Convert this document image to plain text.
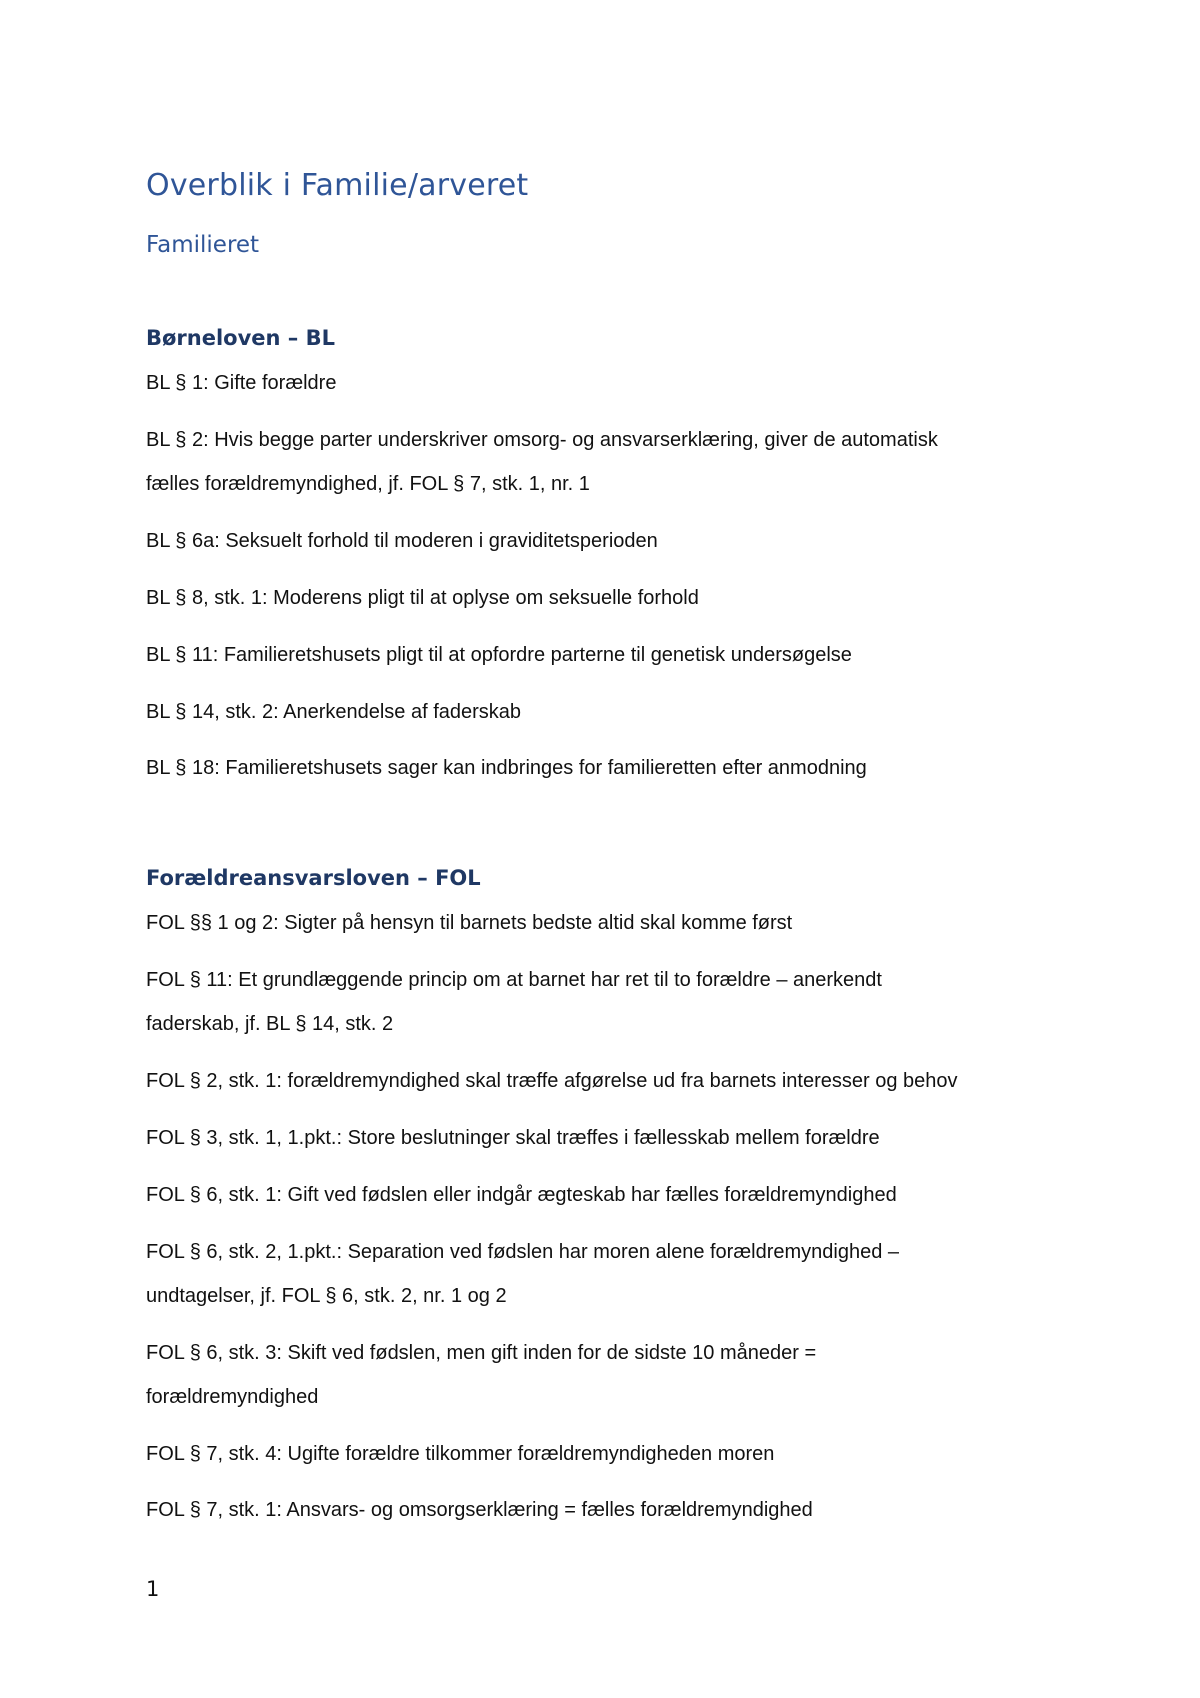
Overblik i Familie/arveret
Familieret
Børneloven – BL

BL § 1: Gifte forældre

BL § 2: Hvis begge parter underskriver omsorg- og ansvarserklæring, giver de automatisk

fælles forældremyndighed, jf. FOL § 7, stk. 1, nr. 1

BL § 6a: Seksuelt forhold til moderen i graviditetsperioden

BL § 8, stk. 1: Moderens pligt til at oplyse om seksuelle forhold

BL § 11: Familieretshusets pligt til at opfordre parterne til genetisk undersøgelse

BL § 14, stk. 2: Anerkendelse af faderskab

BL § 18: Familieretshusets sager kan indbringes for familieretten efter anmodning

Forældreansvarsloven – FOL

FOL §§ 1 og 2: Sigter på hensyn til barnets bedste altid skal komme først

FOL § 11: Et grundlæggende princip om at barnet har ret til to forældre – anerkendt

faderskab, jf. BL § 14, stk. 2

FOL § 2, stk. 1: forældremyndighed skal træffe afgørelse ud fra barnets interesser og behov

FOL § 3, stk. 1, 1.pkt.: Store beslutninger skal træffes i fællesskab mellem forældre

FOL § 6, stk. 1: Gift ved fødslen eller indgår ægteskab har fælles forældremyndighed

FOL § 6, stk. 2, 1.pkt.: Separation ved fødslen har moren alene forældremyndighed –

undtagelser, jf. FOL § 6, stk. 2, nr. 1 og 2

FOL § 6, stk. 3: Skift ved fødslen, men gift inden for de sidste 10 måneder =

forældremyndighed

FOL § 7, stk. 4: Ugifte forældre tilkommer forældremyndigheden moren

FOL § 7, stk. 1: Ansvars- og omsorgserklæring = fælles forældremyndighed

1
